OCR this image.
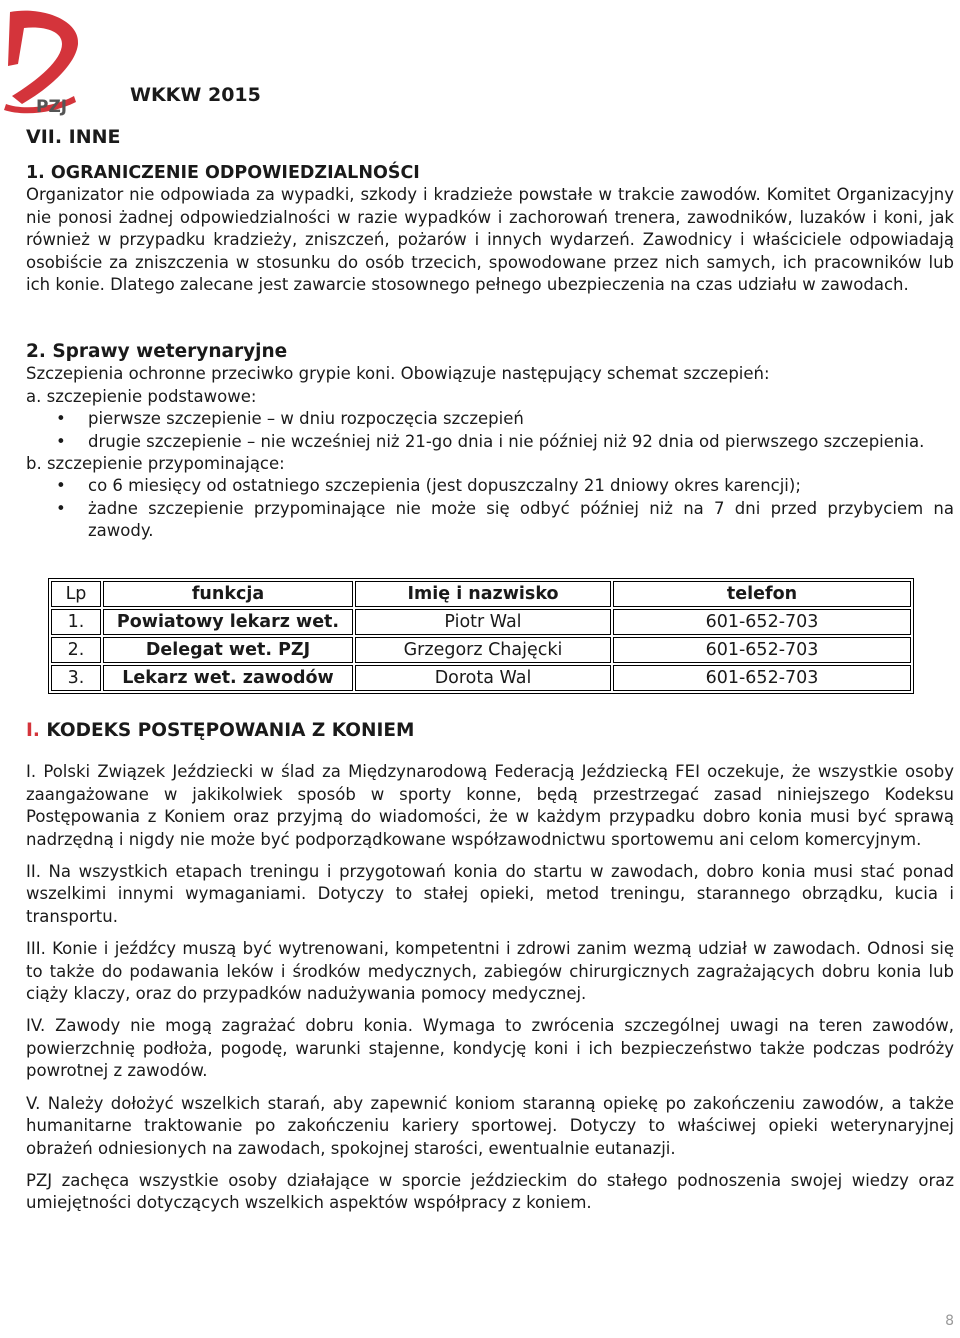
PZJ
WKKW 2015
VII. INNE

1. OGRANICZENIE ODPOWIEDZIALNOŚCI

Organizator nie odpowiada za wypadki, szkody i kradzieże powstałe w trakcie zawodów. Komitet Organizacyjny nie ponosi żadnej odpowiedzialności w razie wypadków i zachorowań trenera, zawodników, luzaków i koni, jak również w przypadku kradzieży, zniszczeń, pożarów i innych wydarzeń. Zawodnicy i właściciele odpowiadają osobiście za zniszczenia w stosunku do osób trzecich, spowodowane przez nich samych, ich pracowników lub ich konie. Dlatego zalecane jest zawarcie stosownego pełnego ubezpieczenia na czas udziału w zawodach.

2. Sprawy weterynaryjne

Szczepienia ochronne przeciwko grypie koni. Obowiązuje następujący schemat szczepień:

a. szczepienie podstawowe:

• pierwsze szczepienie – w dniu rozpoczęcia szczepień
• drugie szczepienie – nie wcześniej niż 21-go dnia i nie później niż 92 dnia od pierwszego szczepienia.

b. szczepienie przypominające:

• co 6 miesięcy od ostatniego szczepienia (jest dopuszczalny 21 dniowy okres karencji);
• żadne szczepienie przypominające nie może się odbyć później niż na 7 dni przed przybyciem na zawody.
Lp	funkcja	Imię i nazwisko	telefon
1.	Powiatowy lekarz wet.	Piotr Wal	601-652-703
2.	Delegat wet. PZJ	Grzegorz Chajęcki	601-652-703
3.	Lekarz wet. zawodów	Dorota Wal	601-652-703

I. KODEKS POSTĘPOWANIA Z KONIEM

I. Polski Związek Jeździecki w ślad za Międzynarodową Federacją Jeździecką FEI oczekuje, że wszystkie osoby zaangażowane w jakikolwiek sposób w sporty konne, będą przestrzegać zasad niniejszego Kodeksu Postępowania z Koniem oraz przyjmą do wiadomości, że w każdym przypadku dobro konia musi być sprawą nadrzędną i nigdy nie może być podporządkowane współzawodnictwu sportowemu ani celom komercyjnym.

II. Na wszystkich etapach treningu i przygotowań konia do startu w zawodach, dobro konia musi stać ponad wszelkimi innymi wymaganiami. Dotyczy to stałej opieki, metod treningu, starannego obrządku, kucia i transportu.

III. Konie i jeźdźcy muszą być wytrenowani, kompetentni i zdrowi zanim wezmą udział w zawodach. Odnosi się to także do podawania leków i środków medycznych, zabiegów chirurgicznych zagrażających dobru konia lub ciąży klaczy, oraz do przypadków nadużywania pomocy medycznej.

IV. Zawody nie mogą zagrażać dobru konia. Wymaga to zwrócenia szczególnej uwagi na teren zawodów, powierzchnię podłoża, pogodę, warunki stajenne, kondycję koni i ich bezpieczeństwo także podczas podróży powrotnej z zawodów.

V. Należy dołożyć wszelkich starań, aby zapewnić koniom staranną opiekę po zakończeniu zawodów, a także humanitarne traktowanie po zakończeniu kariery sportowej. Dotyczy to właściwej opieki weterynaryjnej obrażeń odniesionych na zawodach, spokojnej starości, ewentualnie eutanazji.

PZJ zachęca wszystkie osoby działające w sporcie jeździeckim do stałego podnoszenia swojej wiedzy oraz umiejętności dotyczących wszelkich aspektów współpracy z koniem.

8
